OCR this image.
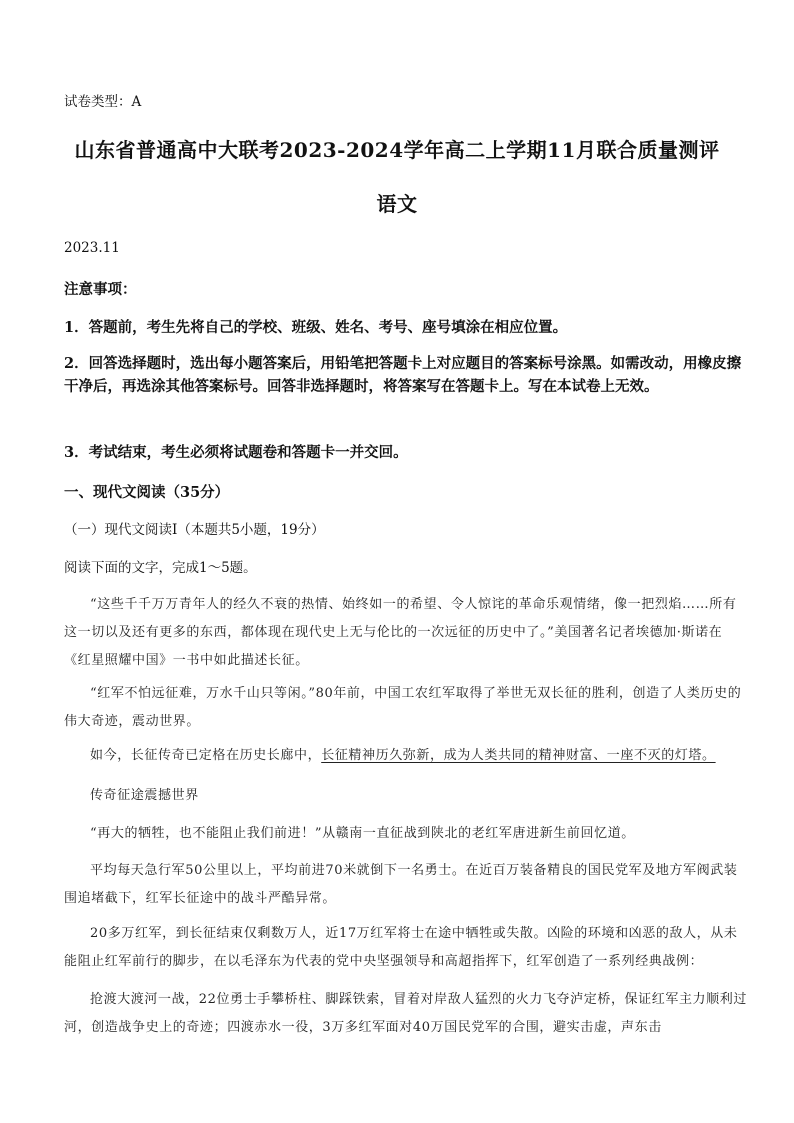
试卷类型：A
山东省普通高中大联考2023-2024学年高二上学期11月联合质量测评
语文
2023.11
注意事项：
1．答题前，考生先将自己的学校、班级、姓名、考号、座号填涂在相应位置。
2．回答选择题时，选出每小题答案后，用铅笔把答题卡上对应题目的答案标号涂黑。如需改动，用橡皮擦干净后，再选涂其他答案标号。回答非选择题时，将答案写在答题卡上。写在本试卷上无效。
3．考试结束，考生必须将试题卷和答题卡一并交回。
一、现代文阅读（35分）
（一）现代文阅读Ⅰ（本题共5小题，19分）
阅读下面的文字，完成1～5题。
“这些千千万万青年人的经久不衰的热情、始终如一的希望、令人惊诧的革命乐观情绪，像一把烈焰……所有这一切以及还有更多的东西，都体现在现代史上无与伦比的一次远征的历史中了。”美国著名记者埃德加·斯诺在《红星照耀中国》一书中如此描述长征。
“红军不怕远征难，万水千山只等闲。”80年前，中国工农红军取得了举世无双长征的胜利，创造了人类历史的伟大奇迹，震动世界。
如今，长征传奇已定格在历史长廊中，长征精神历久弥新，成为人类共同的精神财富、一座不灭的灯塔。
传奇征途震撼世界
“再大的牺牲，也不能阻止我们前进！”从赣南一直征战到陕北的老红军唐进新生前回忆道。
平均每天急行军50公里以上，平均前进70米就倒下一名勇士。在近百万装备精良的国民党军及地方军阀武装围追堵截下，红军长征途中的战斗严酷异常。
20多万红军，到长征结束仅剩数万人，近17万红军将士在途中牺牲或失散。凶险的环境和凶恶的敌人，从未能阻止红军前行的脚步，在以毛泽东为代表的党中央坚强领导和高超指挥下，红军创造了一系列经典战例：
抢渡大渡河一战，22位勇士手攀桥柱、脚踩铁索，冒着对岸敌人猛烈的火力飞夺泸定桥，保证红军主力顺利过河，创造战争史上的奇迹；四渡赤水一役，3万多红军面对40万国民党军的合围，避实击虚，声东击
